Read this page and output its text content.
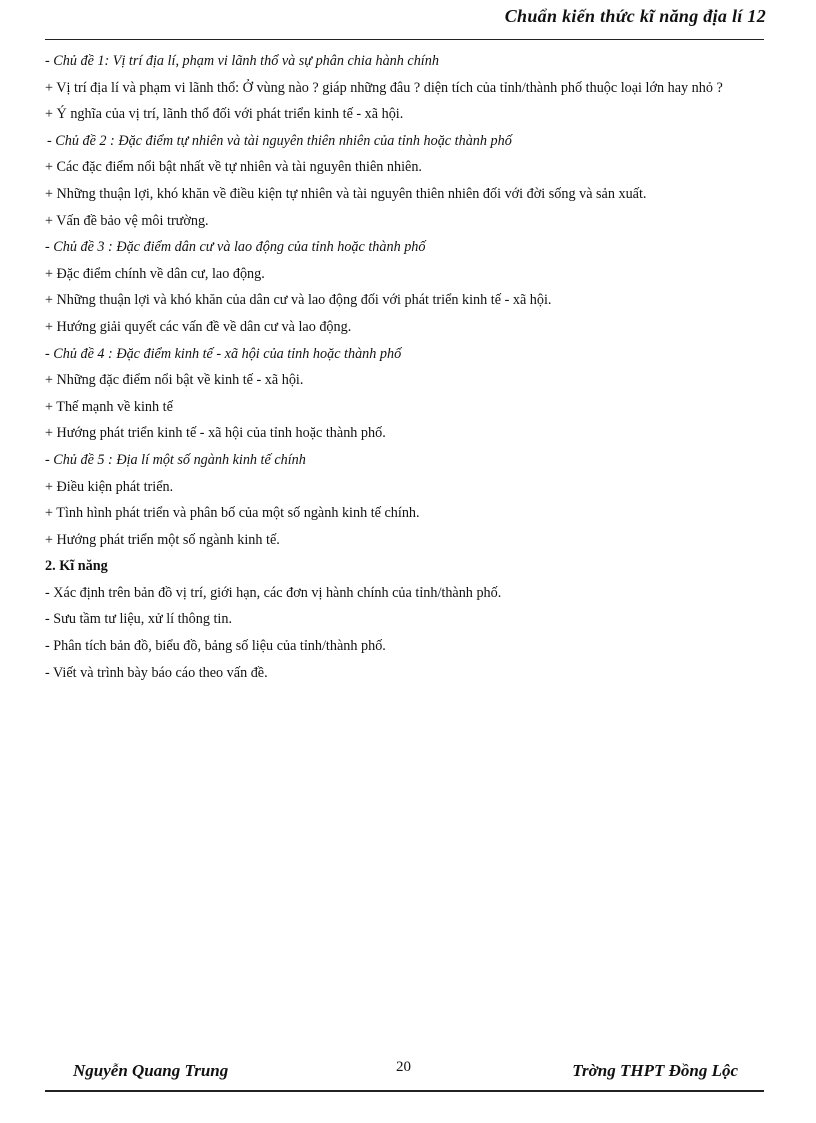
Chuẩn kiến thức kĩ năng địa lí 12
- Chủ đề 1: Vị trí địa lí, phạm vi lãnh thổ và sự phân chia hành chính
+ Vị trí địa lí và phạm vi lãnh thổ: Ở vùng nào ? giáp những đâu ? diện tích của tỉnh/thành phố thuộc loại lớn hay nhỏ ?
+ Ý nghĩa của vị trí, lãnh thổ đối với phát triển kinh tế - xã hội.
- Chủ đề 2 : Đặc điểm tự nhiên và tài nguyên thiên nhiên của tỉnh hoặc thành phố
+ Các đặc điểm nổi bật nhất về tự nhiên và tài nguyên thiên nhiên.
+ Những thuận lợi, khó khăn về điều kiện tự nhiên và tài nguyên thiên nhiên đối với đời sống và sản xuất.
+ Vấn đề bảo vệ môi trường.
- Chủ đề 3 : Đặc điểm dân cư và lao động của tỉnh hoặc thành phố
+ Đặc điểm chính về dân cư, lao động.
+ Những thuận lợi và khó khăn của dân cư và lao động đối với phát triển kinh tế - xã hội.
+ Hướng giải quyết các vấn đề về dân cư và lao động.
- Chủ đề 4 : Đặc điểm kinh tế - xã hội của tỉnh hoặc thành phố
+ Những đặc điểm nổi bật về kinh tế - xã hội.
+ Thế mạnh về kinh tế
+ Hướng phát triển kinh tế - xã hội của tỉnh hoặc thành phố.
- Chủ đề 5 : Địa lí một số ngành kinh tế chính
+ Điều kiện phát triển.
+ Tình hình phát triển và phân bố của một số ngành kinh tế chính.
+ Hướng phát triển một số ngành kinh tế.
2. Kĩ năng
- Xác định trên bản đồ vị trí, giới hạn, các đơn vị hành chính của tỉnh/thành phố.
- Sưu tầm tư liệu, xử lí thông tin.
- Phân tích bản đồ, biểu đồ, bảng số liệu của tỉnh/thành phố.
- Viết và trình bày báo cáo theo vấn đề.
Nguyễn Quang Trung	20	Trờng THPT Đồng Lộc
